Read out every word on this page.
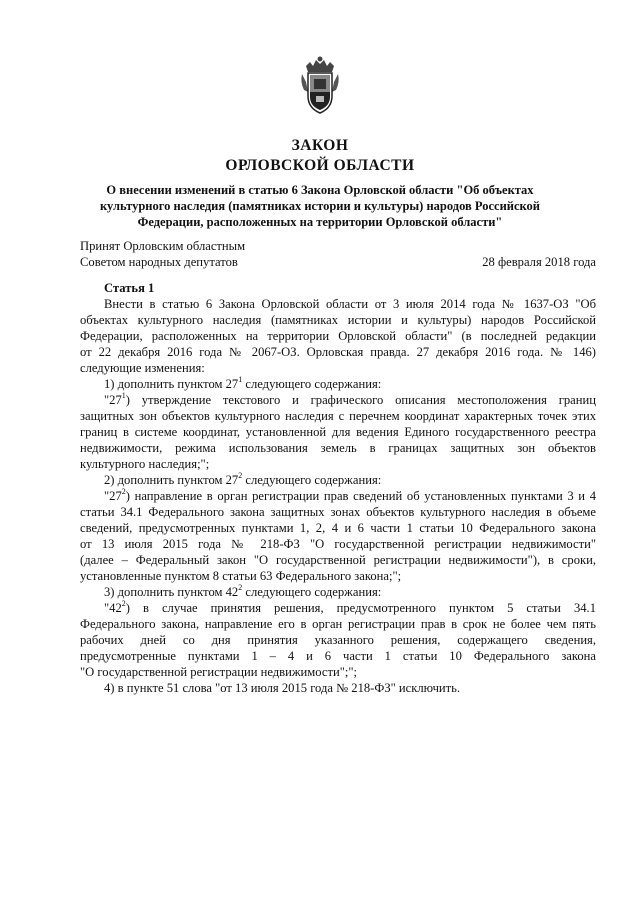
ЗАКОН
ОРЛОВСКОЙ ОБЛАСТИ
О внесении изменений в статью 6 Закона Орловской области "Об объектах культурного наследия (памятниках истории и культуры) народов Российской Федерации, расположенных на территории Орловской области"
Принят Орловским областным
Советом народных депутатов	28 февраля 2018 года
Статья 1
Внести в статью 6 Закона Орловской области от 3 июля 2014 года № 1637-ОЗ "Об
объектах культурного наследия (памятниках истории и культуры) народов Российской
Федерации, расположенных на территории Орловской области" (в последней редакции
от 22 декабря 2016 года № 2067-ОЗ. Орловская правда. 27 декабря 2016 года. № 146)
следующие изменения:
1) дополнить пунктом $27^1$ следующего содержания:
"$27^1$) утверждение текстового и графического описания местоположения границ
защитных зон объектов культурного наследия с перечнем координат характерных точек этих
границ в системе координат, установленной для ведения Единого государственного реестра
недвижимости, режима использования земель в границах защитных зон объектов
культурного наследия;";
2) дополнить пунктом $27^2$ следующего содержания:
"$27^2$) направление в орган регистрации прав сведений об установленных пунктами 3 и 4
статьи 34.1 Федерального закона защитных зонах объектов культурного наследия в объеме
сведений, предусмотренных пунктами 1, 2, 4 и 6 части 1 статьи 10 Федерального закона
от 13 июля 2015 года № 218-ФЗ "О государственной регистрации недвижимости"
(далее – Федеральный закон "О государственной регистрации недвижимости"), в сроки,
установленные пунктом 8 статьи 63 Федерального закона;";
3) дополнить пунктом $42^2$ следующего содержания:
"$42^2$) в случае принятия решения, предусмотренного пунктом 5 статьи 34.1
Федерального закона, направление его в орган регистрации прав в срок не более чем пять
рабочих дней со дня принятия указанного решения, содержащего сведения,
предусмотренные пунктами 1 – 4 и 6 части 1 статьи 10 Федерального закона
"О государственной регистрации недвижимости";";
4) в пункте 51 слова "от 13 июля 2015 года № 218-ФЗ" исключить.
